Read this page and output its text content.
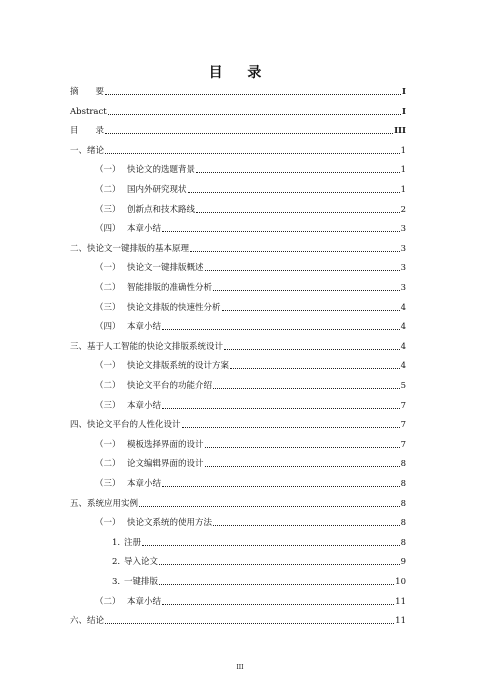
目 录
摘  要	I
Abstract	I
目  录	III
一、绪论	1
（一） 快论文的选题背景	1
（二） 国内外研究现状	1
（三） 创新点和技术路线	2
（四） 本章小结	3
二、快论文一键排版的基本原理	3
（一） 快论文一键排版概述	3
（二） 智能排版的准确性分析	3
（三） 快论文排版的快速性分析	4
（四） 本章小结	4
三、基于人工智能的快论文排版系统设计	4
（一） 快论文排版系统的设计方案	4
（二） 快论文平台的功能介绍	5
（三） 本章小结	7
四、快论文平台的人性化设计	7
（一） 模板选择界面的设计	7
（二） 论文编辑界面的设计	8
（三） 本章小结	8
五、系统应用实例	8
（一） 快论文系统的使用方法	8
1. 注册	8
2. 导入论文	9
3. 一键排版	10
（二） 本章小结	11
六、结论	11
III
